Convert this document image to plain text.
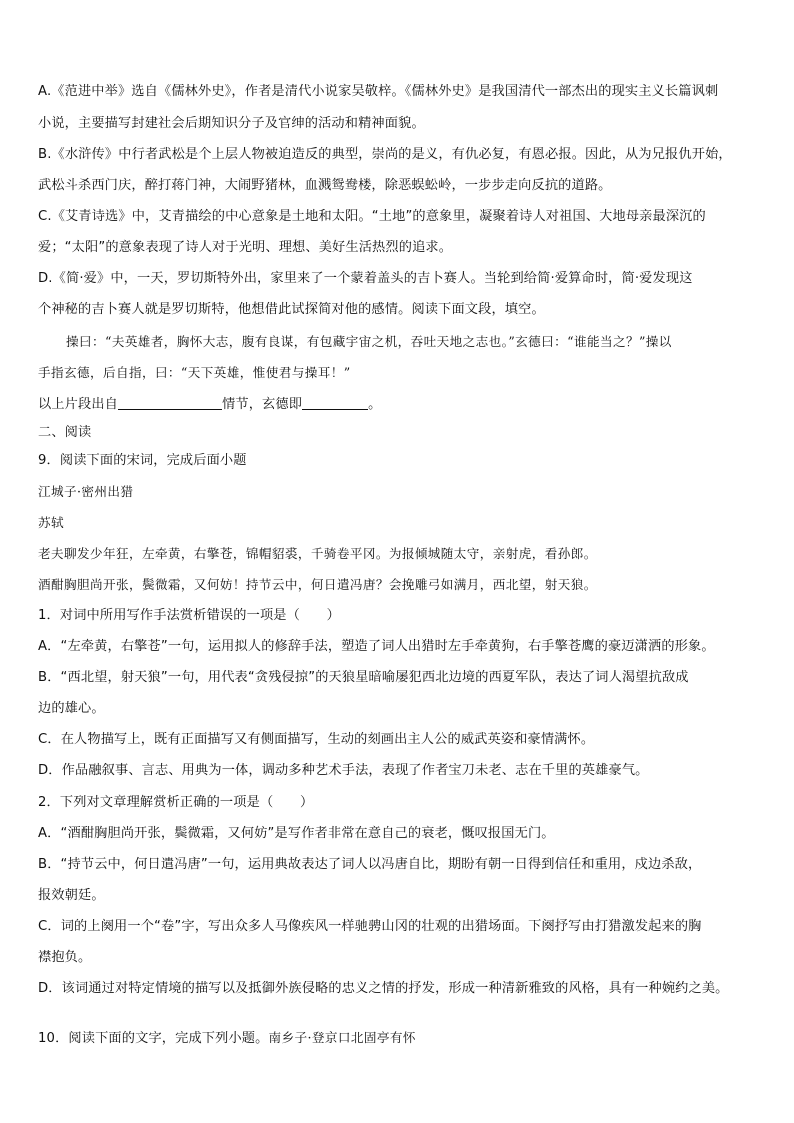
A.《范进中举》选自《儒林外史》，作者是清代小说家吴敬梓。《儒林外史》是我国清代一部杰出的现实主义长篇讽刺
小说，主要描写封建社会后期知识分子及官绅的活动和精神面貌。
B.《水浒传》中行者武松是个上层人物被迫造反的典型，崇尚的是义，有仇必复，有恩必报。因此，从为兄报仇开始，
武松斗杀西门庆，醉打蒋门神，大闹野猪林，血溅鸳鸯楼，除恶蜈蚣岭，一步步走向反抗的道路。
C.《艾青诗选》中，艾青描绘的中心意象是土地和太阳。“土地”的意象里，凝聚着诗人对祖国、大地母亲最深沉的
爱；“太阳”的意象表现了诗人对于光明、理想、美好生活热烈的追求。
D.《简·爱》中，一天，罗切斯特外出，家里来了一个蒙着盖头的吉卜赛人。当轮到给简·爱算命时，简·爱发现这
个神秘的吉卜赛人就是罗切斯特，他想借此试探简对他的感情。阅读下面文段，填空。
操曰：“夫英雄者，胸怀大志，腹有良谋，有包藏宇宙之机，吞吐天地之志也。”玄德曰：“谁能当之？”操以
手指玄德，后自指，曰：“天下英雄，惟使君与操耳！”
以上片段出自	情节，玄德即	。
二、阅读
9．阅读下面的宋词，完成后面小题
江城子·密州出猎
苏轼
老夫聊发少年狂，左牵黄，右擎苍，锦帽貂裘，千骑卷平冈。为报倾城随太守，亲射虎，看孙郎。
酒酣胸胆尚开张，鬓微霜，又何妨！持节云中，何日遣冯唐？会挽雕弓如满月，西北望，射天狼。
1．对词中所用写作手法赏析错误的一项是（　　）
A．“左牵黄，右擎苍”一句，运用拟人的修辞手法，塑造了词人出猎时左手牵黄狗，右手擎苍鹰的豪迈潇洒的形象。
B．“西北望，射天狼”一句，用代表“贪残侵掠”的天狼星暗喻屡犯西北边境的西夏军队，表达了词人渴望抗敌成
边的雄心。
C．在人物描写上，既有正面描写又有侧面描写，生动的刻画出主人公的威武英姿和豪情满怀。
D．作品融叙事、言志、用典为一体，调动多种艺术手法，表现了作者宝刀未老、志在千里的英雄豪气。
2．下列对文章理解赏析正确的一项是（　　）
A．“酒酣胸胆尚开张，鬓微霜，又何妨”是写作者非常在意自己的衰老，慨叹报国无门。
B．“持节云中，何日遣冯唐”一句，运用典故表达了词人以冯唐自比，期盼有朝一日得到信任和重用，戍边杀敌，
报效朝廷。
C．词的上阕用一个“卷”字，写出众多人马像疾风一样驰骋山冈的壮观的出猎场面。下阕抒写由打猎激发起来的胸
襟抱负。
D．该词通过对特定情境的描写以及抵御外族侵略的忠义之情的抒发，形成一种清新雅致的风格，具有一种婉约之美。
10．阅读下面的文字，完成下列小题。南乡子·登京口北固亭有怀
